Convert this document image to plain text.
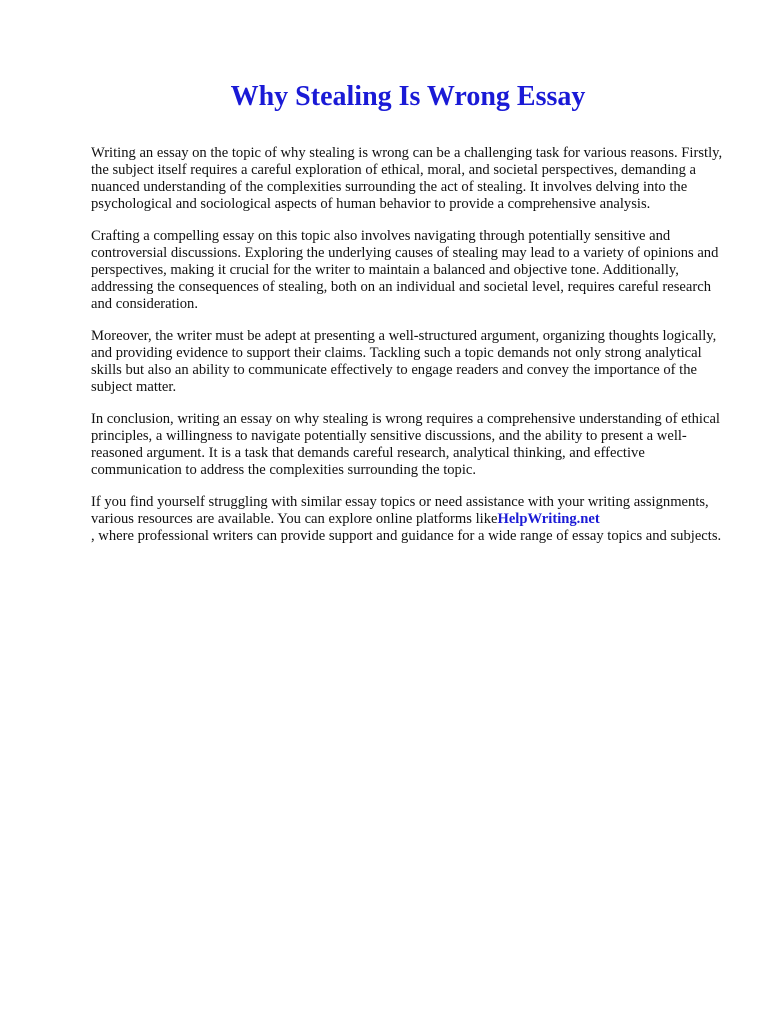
Why Stealing Is Wrong Essay

Writing an essay on the topic of why stealing is wrong can be a challenging task for various reasons. Firstly, the subject itself requires a careful exploration of ethical, moral, and societal perspectives, demanding a nuanced understanding of the complexities surrounding the act of stealing. It involves delving into the psychological and sociological aspects of human behavior to provide a comprehensive analysis.

Crafting a compelling essay on this topic also involves navigating through potentially sensitive and controversial discussions. Exploring the underlying causes of stealing may lead to a variety of opinions and perspectives, making it crucial for the writer to maintain a balanced and objective tone. Additionally, addressing the consequences of stealing, both on an individual and societal level, requires careful research and consideration.

Moreover, the writer must be adept at presenting a well-structured argument, organizing thoughts logically, and providing evidence to support their claims. Tackling such a topic demands not only strong analytical skills but also an ability to communicate effectively to engage readers and convey the importance of the subject matter.

In conclusion, writing an essay on why stealing is wrong requires a comprehensive understanding of ethical principles, a willingness to navigate potentially sensitive discussions, and the ability to present a well-reasoned argument. It is a task that demands careful research, analytical thinking, and effective communication to address the complexities surrounding the topic.

If you find yourself struggling with similar essay topics or need assistance with your writing assignments, various resources are available. You can explore online platforms likeHelpWriting.net
, where professional writers can provide support and guidance for a wide range of essay topics and subjects.
